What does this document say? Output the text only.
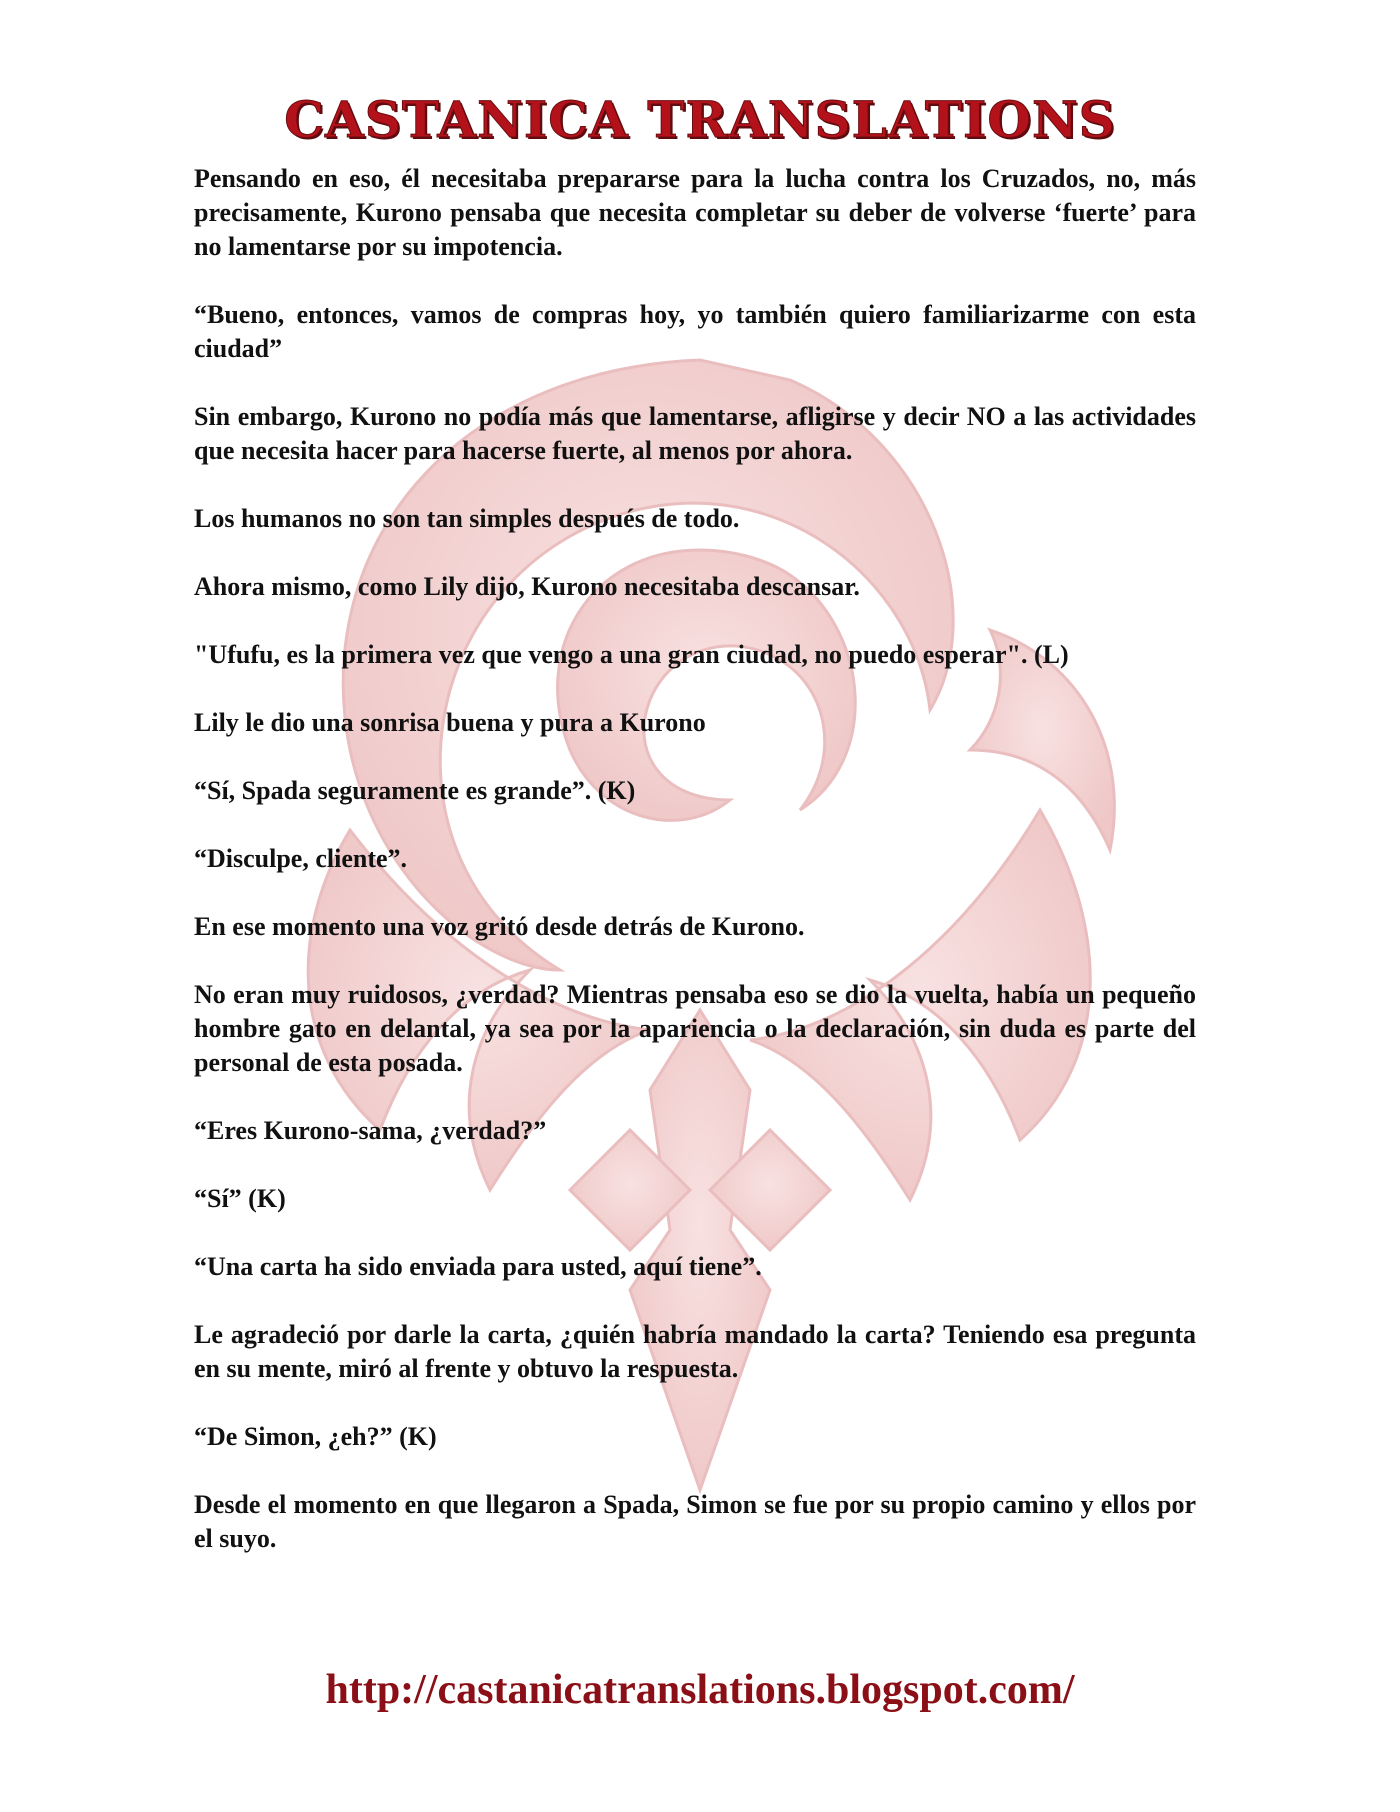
CASTANICA TRANSLATIONS

Pensando en eso, él necesitaba prepararse para la lucha contra los Cruzados, no, más precisamente, Kurono pensaba que necesita completar su deber de volverse ‘fuerte’ para no lamentarse por su impotencia.

“Bueno, entonces, vamos de compras hoy, yo también quiero familiarizarme con esta ciudad”

Sin embargo, Kurono no podía más que lamentarse, afligirse y decir NO a las actividades que necesita hacer para hacerse fuerte, al menos por ahora.

Los humanos no son tan simples después de todo.

Ahora mismo, como Lily dijo, Kurono necesitaba descansar.

"Ufufu, es la primera vez que vengo a una gran ciudad, no puedo esperar". (L)

Lily le dio una sonrisa buena y pura a Kurono

“Sí, Spada seguramente es grande”. (K)

“Disculpe, cliente”.

En ese momento una voz gritó desde detrás de Kurono.

No eran muy ruidosos, ¿verdad? Mientras pensaba eso se dio la vuelta, había un pequeño hombre gato en delantal, ya sea por la apariencia o la declaración, sin duda es parte del personal de esta posada.

“Eres Kurono-sama, ¿verdad?”

“Sí” (K)

“Una carta ha sido enviada para usted, aquí tiene”.

Le agradeció por darle la carta, ¿quién habría mandado la carta? Teniendo esa pregunta en su mente, miró al frente y obtuvo la respuesta.

“De Simon, ¿eh?” (K)

Desde el momento en que llegaron a Spada, Simon se fue por su propio camino y ellos por el suyo.

http://castanicatranslations.blogspot.com/
